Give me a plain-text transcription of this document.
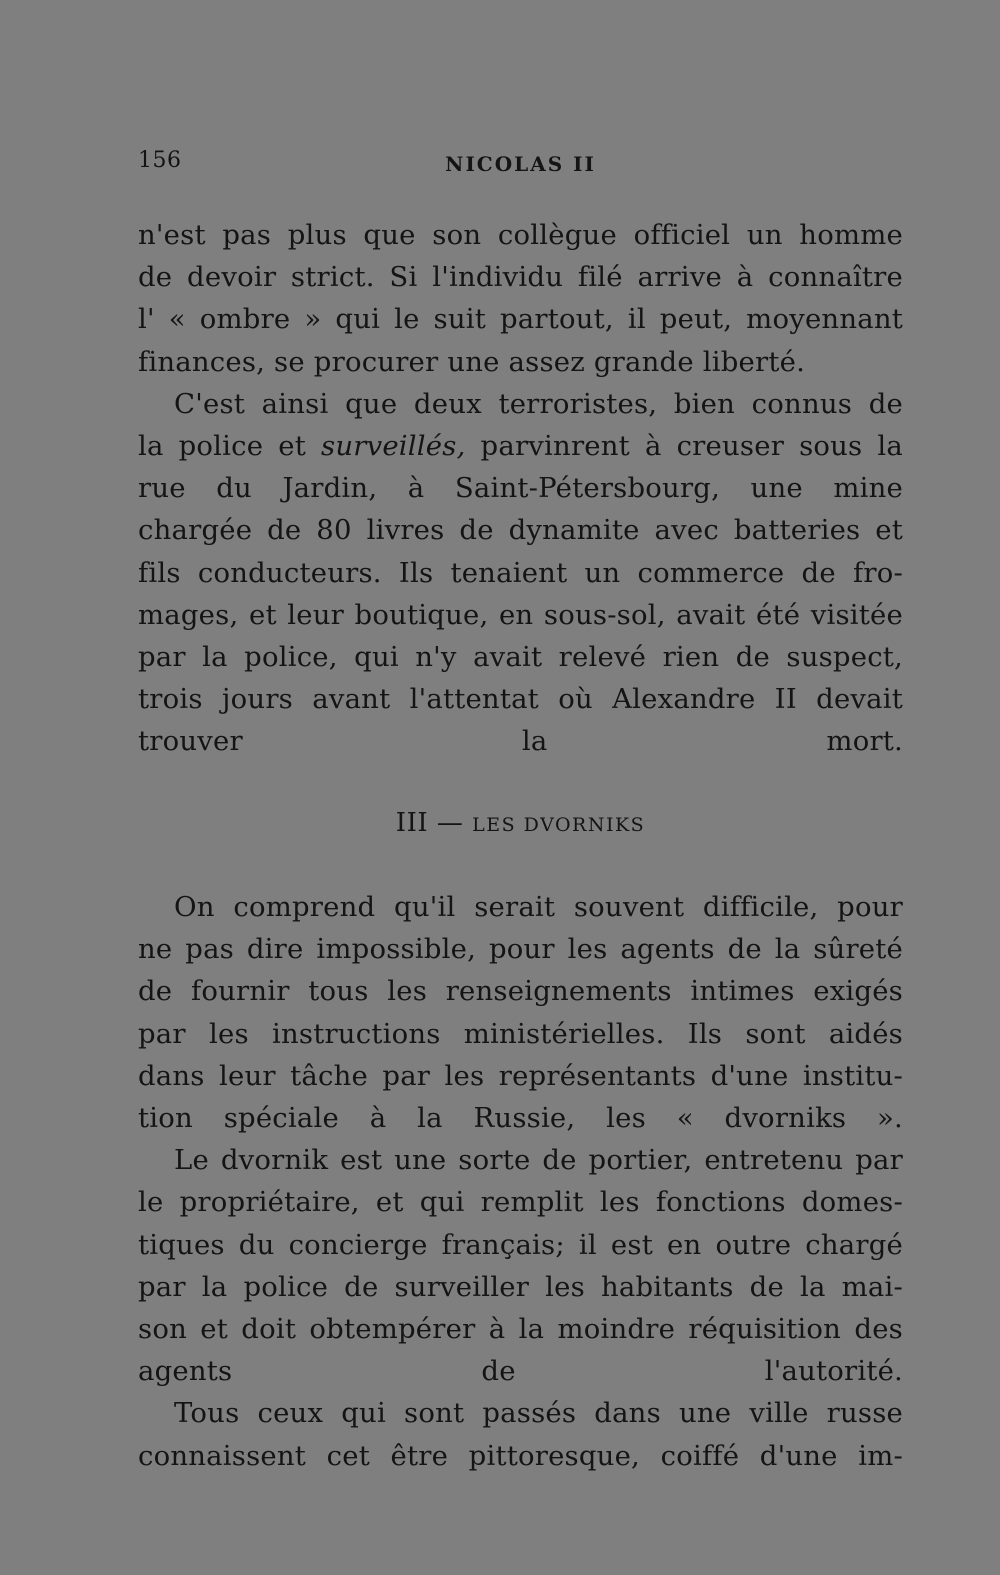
156	NICOLAS II

n'est pas plus que son collègue officiel un homme
de devoir strict. Si l'individu filé arrive à connaître
l' « ombre » qui le suit partout, il peut, moyennant
finances, se procurer une assez grande liberté.

C'est ainsi que deux terroristes, bien connus de
la police et surveillés, parvinrent à creuser sous la
rue du Jardin, à Saint-Pétersbourg, une mine
chargée de 80 livres de dynamite avec batteries et
fils conducteurs. Ils tenaient un commerce de fro-
mages, et leur boutique, en sous-sol, avait été visitée
par la police, qui n'y avait relevé rien de suspect,
trois jours avant l'attentat où Alexandre II devait
trouver la mort.

III — LES DVORNIKS

On comprend qu'il serait souvent difficile, pour
ne pas dire impossible, pour les agents de la sûreté
de fournir tous les renseignements intimes exigés
par les instructions ministérielles. Ils sont aidés
dans leur tâche par les représentants d'une institu-
tion spéciale à la Russie, les « dvorniks ».

Le dvornik est une sorte de portier, entretenu par
le propriétaire, et qui remplit les fonctions domes-
tiques du concierge français; il est en outre chargé
par la police de surveiller les habitants de la mai-
son et doit obtempérer à la moindre réquisition des
agents de l'autorité.

Tous ceux qui sont passés dans une ville russe
connaissent cet être pittoresque, coiffé d'une im-
